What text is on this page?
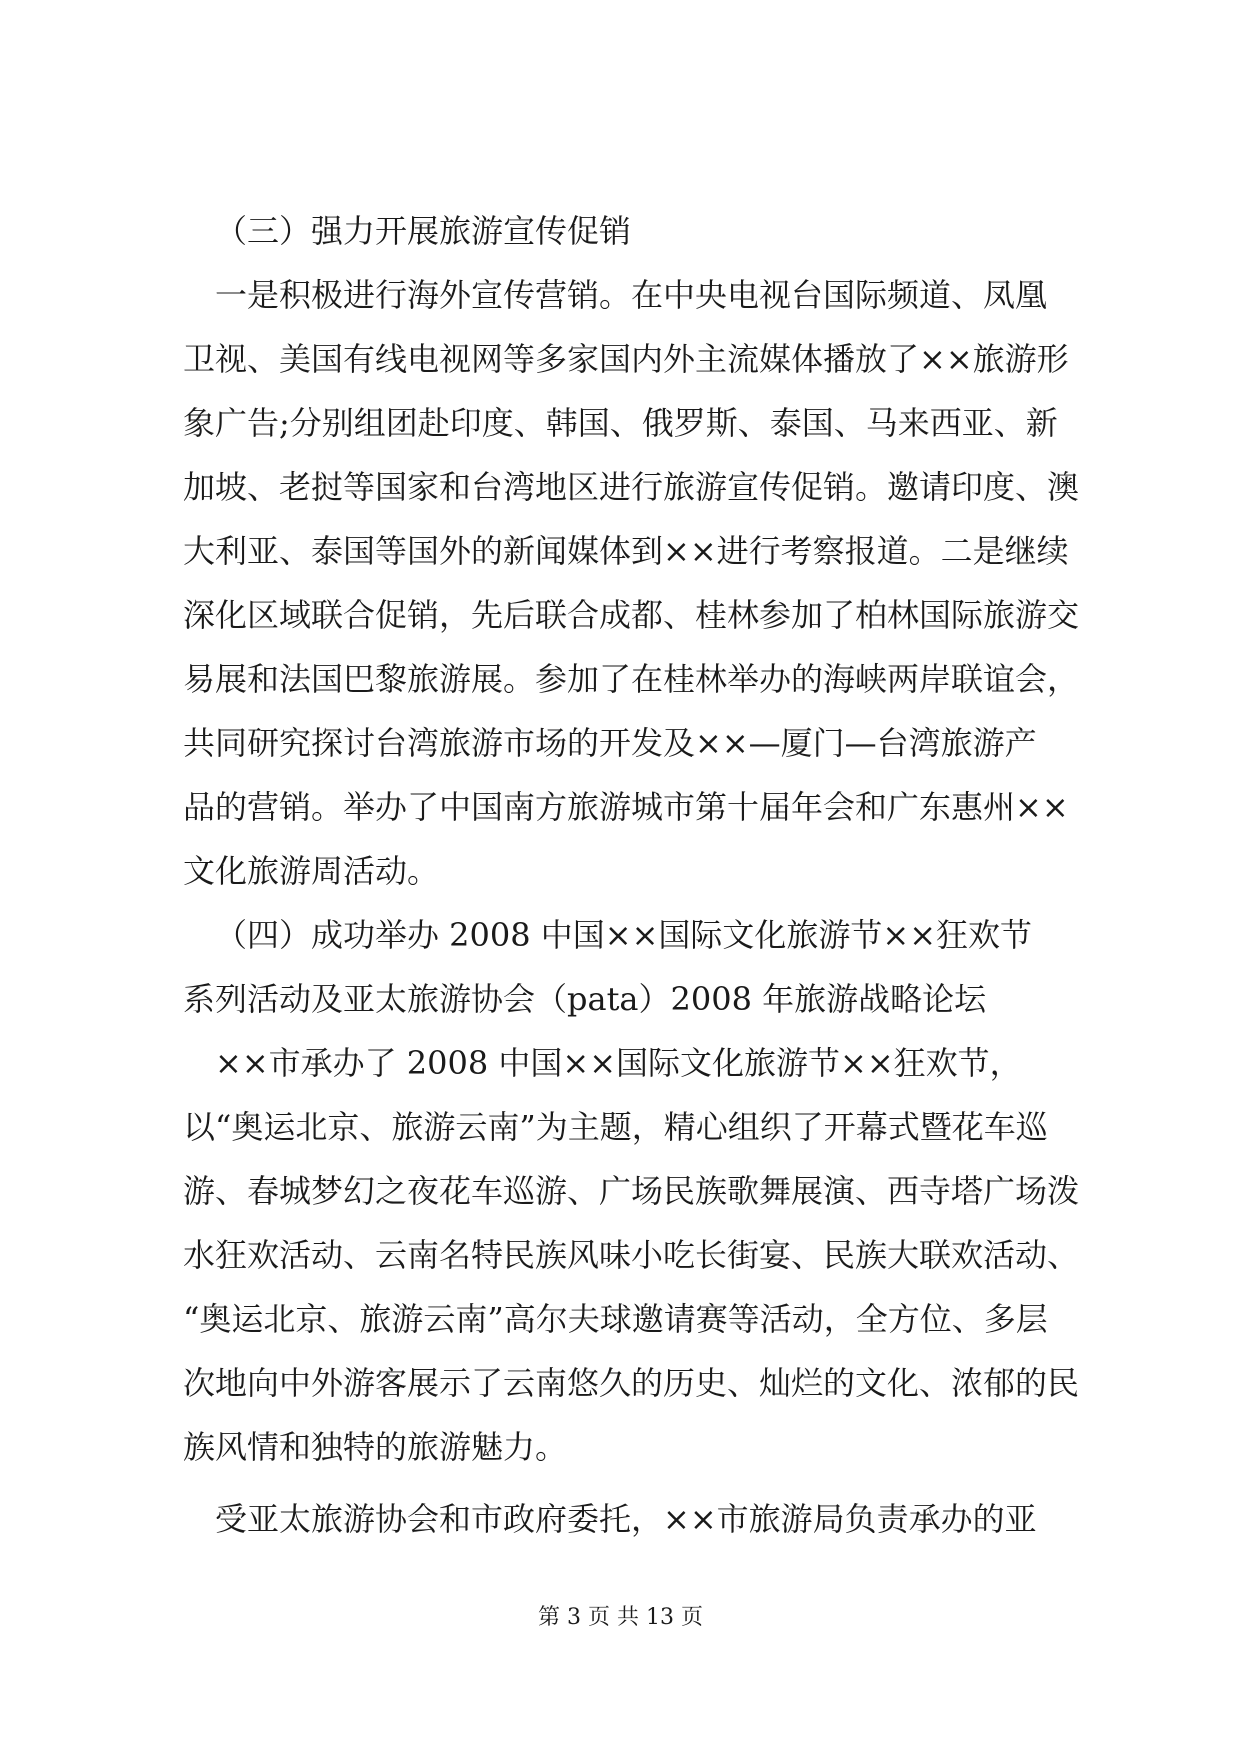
（三）强力开展旅游宣传促销
一是积极进行海外宣传营销。在中央电视台国际频道、凤凰
卫视、美国有线电视网等多家国内外主流媒体播放了××旅游形
象广告;分别组团赴印度、韩国、俄罗斯、泰国、马来西亚、新
加坡、老挝等国家和台湾地区进行旅游宣传促销。邀请印度、澳
大利亚、泰国等国外的新闻媒体到××进行考察报道。二是继续
深化区域联合促销，先后联合成都、桂林参加了柏林国际旅游交
易展和法国巴黎旅游展。参加了在桂林举办的海峡两岸联谊会，
共同研究探讨台湾旅游市场的开发及××—厦门—台湾旅游产
品的营销。举办了中国南方旅游城市第十届年会和广东惠州××
文化旅游周活动。
（四）成功举办 2008 中国××国际文化旅游节××狂欢节
系列活动及亚太旅游协会（pata）2008 年旅游战略论坛
××市承办了 2008 中国××国际文化旅游节××狂欢节，
以“奥运北京、旅游云南”为主题，精心组织了开幕式暨花车巡
游、春城梦幻之夜花车巡游、广场民族歌舞展演、西寺塔广场泼
水狂欢活动、云南名特民族风味小吃长街宴、民族大联欢活动、
“奥运北京、旅游云南”高尔夫球邀请赛等活动，全方位、多层
次地向中外游客展示了云南悠久的历史、灿烂的文化、浓郁的民
族风情和独特的旅游魅力。
受亚太旅游协会和市政府委托，××市旅游局负责承办的亚
第 3 页 共 13 页
